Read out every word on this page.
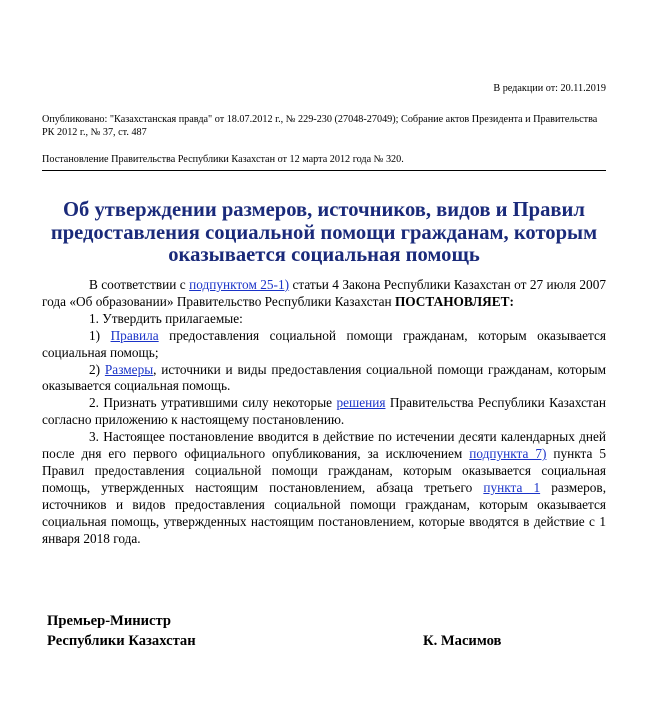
В редакции от: 20.11.2019
Опубликовано: "Казахстанская правда" от 18.07.2012 г., № 229-230 (27048-27049); Собрание актов Президента и Правительства РК 2012 г., № 37, ст. 487
Постановление Правительства Республики Казахстан от 12 марта 2012 года № 320.
Об утверждении размеров, источников, видов и Правил предоставления социальной помощи гражданам, которым оказывается социальная помощь

В соответствии с подпунктом 25-1) статьи 4 Закона Республики Казахстан от 27 июля 2007 года «Об образовании» Правительство Республики Казахстан ПОСТАНОВЛЯЕТ:

1. Утвердить прилагаемые:

1) Правила предоставления социальной помощи гражданам, которым оказывается социальная помощь;

2) Размеры, источники и виды предоставления социальной помощи гражданам, которым оказывается социальная помощь.

2. Признать утратившими силу некоторые решения Правительства Республики Казахстан согласно приложению к настоящему постановлению.

3. Настоящее постановление вводится в действие по истечении десяти календарных дней после дня его первого официального опубликования, за исключением подпункта 7) пункта 5 Правил предоставления социальной помощи гражданам, которым оказывается социальная помощь, утвержденных настоящим постановлением, абзаца третьего пункта 1 размеров, источников и видов предоставления социальной помощи гражданам, которым оказывается социальная помощь, утвержденных настоящим постановлением, которые вводятся в действие с 1 января 2018 года.

Премьер-Министр
Республики Казахстан	К. Масимов
